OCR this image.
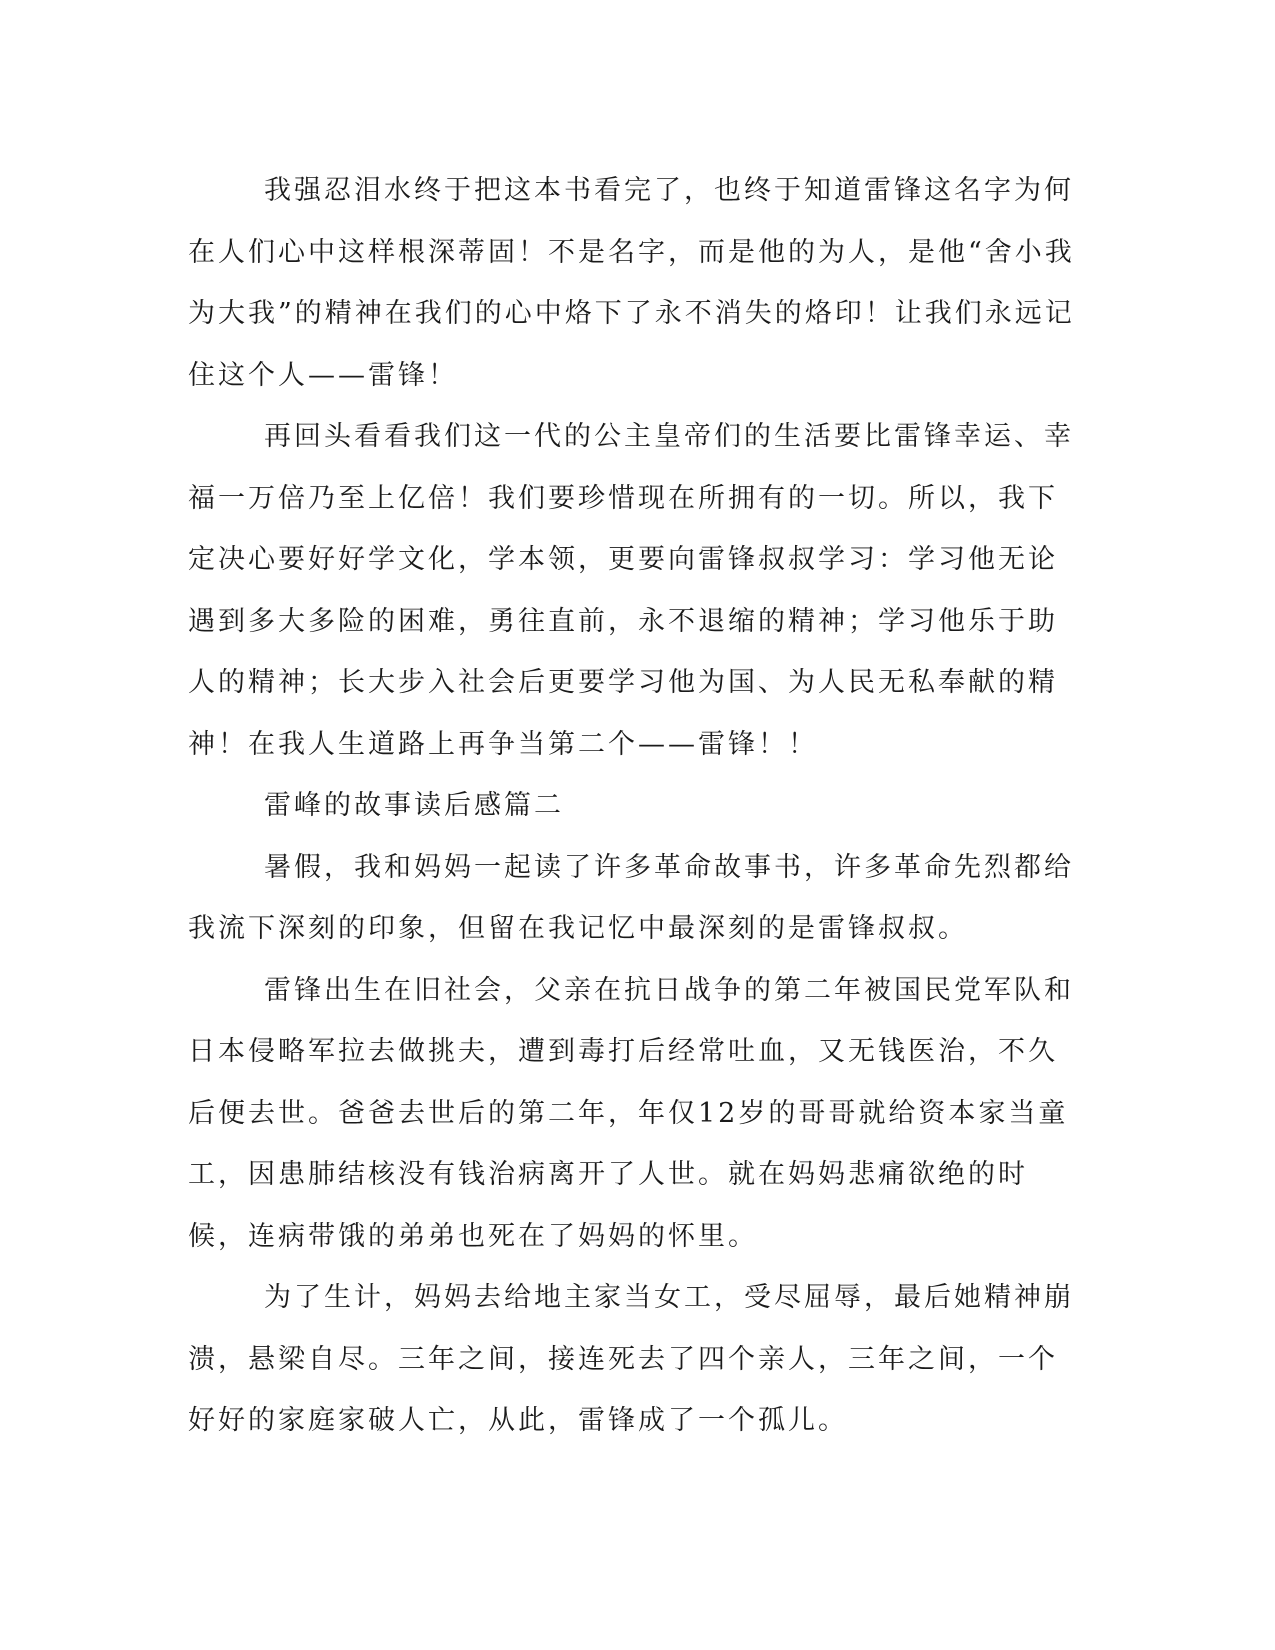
我强忍泪水终于把这本书看完了，也终于知道雷锋这名字为何在人们心中这样根深蒂固！不是名字，而是他的为人，是他“舍小我为大我”的精神在我们的心中烙下了永不消失的烙印！让我们永远记住这个人——雷锋！

再回头看看我们这一代的公主皇帝们的生活要比雷锋幸运、幸福一万倍乃至上亿倍！我们要珍惜现在所拥有的一切。所以，我下定决心要好好学文化，学本领，更要向雷锋叔叔学习：学习他无论遇到多大多险的困难，勇往直前，永不退缩的精神；学习他乐于助人的精神；长大步入社会后更要学习他为国、为人民无私奉献的精神！在我人生道路上再争当第二个——雷锋！！

雷峰的故事读后感篇二

暑假，我和妈妈一起读了许多革命故事书，许多革命先烈都给我流下深刻的印象，但留在我记忆中最深刻的是雷锋叔叔。

雷锋出生在旧社会，父亲在抗日战争的第二年被国民党军队和日本侵略军拉去做挑夫，遭到毒打后经常吐血，又无钱医治，不久后便去世。爸爸去世后的第二年，年仅12岁的哥哥就给资本家当童工，因患肺结核没有钱治病离开了人世。就在妈妈悲痛欲绝的时候，连病带饿的弟弟也死在了妈妈的怀里。

为了生计，妈妈去给地主家当女工，受尽屈辱，最后她精神崩溃，悬梁自尽。三年之间，接连死去了四个亲人，三年之间，一个好好的家庭家破人亡，从此，雷锋成了一个孤儿。
